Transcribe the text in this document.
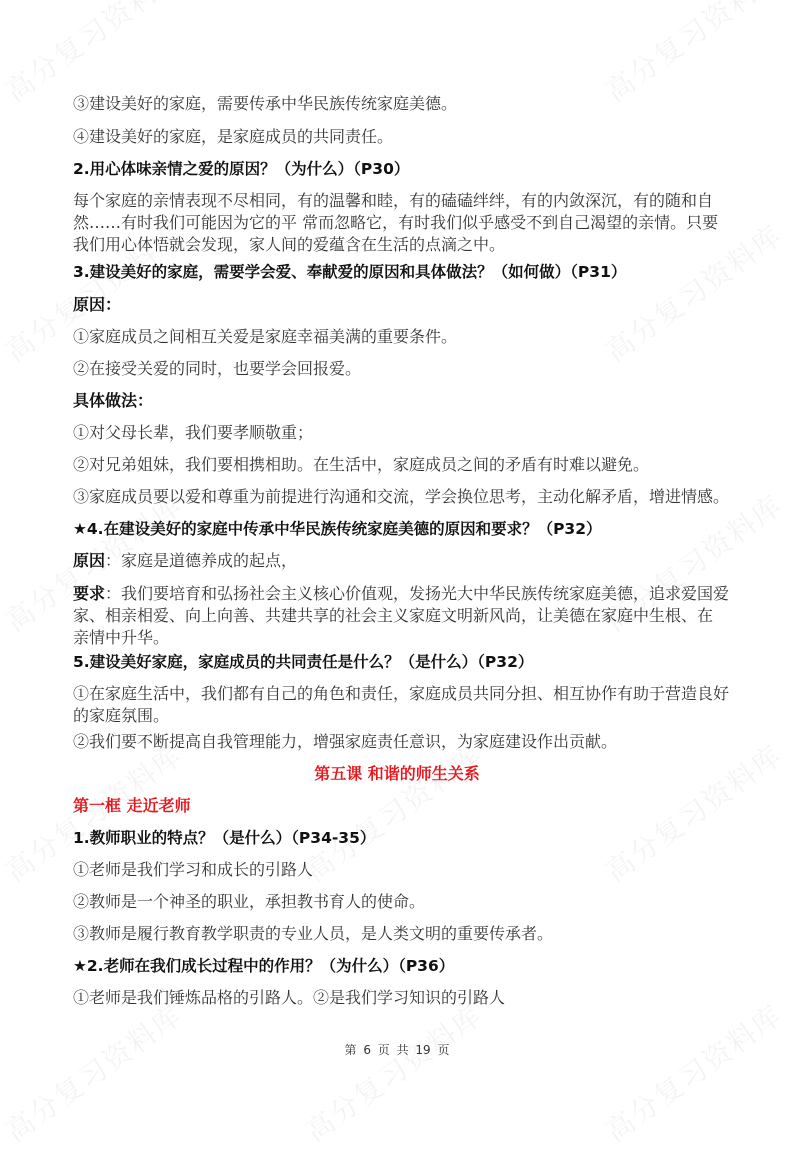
③建设美好的家庭，需要传承中华民族传统家庭美德。
④建设美好的家庭，是家庭成员的共同责任。
2.用心体味亲情之爱的原因？（为什么）（P30）
每个家庭的亲情表现不尽相同，有的温馨和睦，有的磕磕绊绊，有的内敛深沉，有的随和自
然……有时我们可能因为它的平 常而忽略它，有时我们似乎感受不到自己渴望的亲情。只要
我们用心体悟就会发现，家人间的爱蕴含在生活的点滴之中。
3.建设美好的家庭，需要学会爱、奉献爱的原因和具体做法？（如何做）（P31）
原因：
①家庭成员之间相互关爱是家庭幸福美满的重要条件。
②在接受关爱的同时，也要学会回报爱。
具体做法：
①对父母长辈，我们要孝顺敬重；
②对兄弟姐妹，我们要相携相助。在生活中，家庭成员之间的矛盾有时难以避免。
③家庭成员要以爱和尊重为前提进行沟通和交流，学会换位思考，主动化解矛盾，增进情感。
★4.在建设美好的家庭中传承中华民族传统家庭美德的原因和要求？（P32）
原因：家庭是道德养成的起点，
要求：我们要培育和弘扬社会主义核心价值观，发扬光大中华民族传统家庭美德，追求爱国爱
家、相亲相爱、向上向善、共建共享的社会主义家庭文明新风尚，让美德在家庭中生根、在
亲情中升华。
5.建设美好家庭，家庭成员的共同责任是什么？（是什么）（P32）
①在家庭生活中，我们都有自己的角色和责任，家庭成员共同分担、相互协作有助于营造良好
的家庭氛围。
②我们要不断提高自我管理能力，增强家庭责任意识，为家庭建设作出贡献。
第五课 和谐的师生关系
第一框 走近老师
1.教师职业的特点？（是什么）（P34-35）
①老师是我们学习和成长的引路人
②教师是一个神圣的职业，承担教书育人的使命。
③教师是履行教育教学职责的专业人员，是人类文明的重要传承者。
★2.老师在我们成长过程中的作用？（为什么）（P36）
①老师是我们锤炼品格的引路人。②是我们学习知识的引路人
第 6 页 共 19 页
